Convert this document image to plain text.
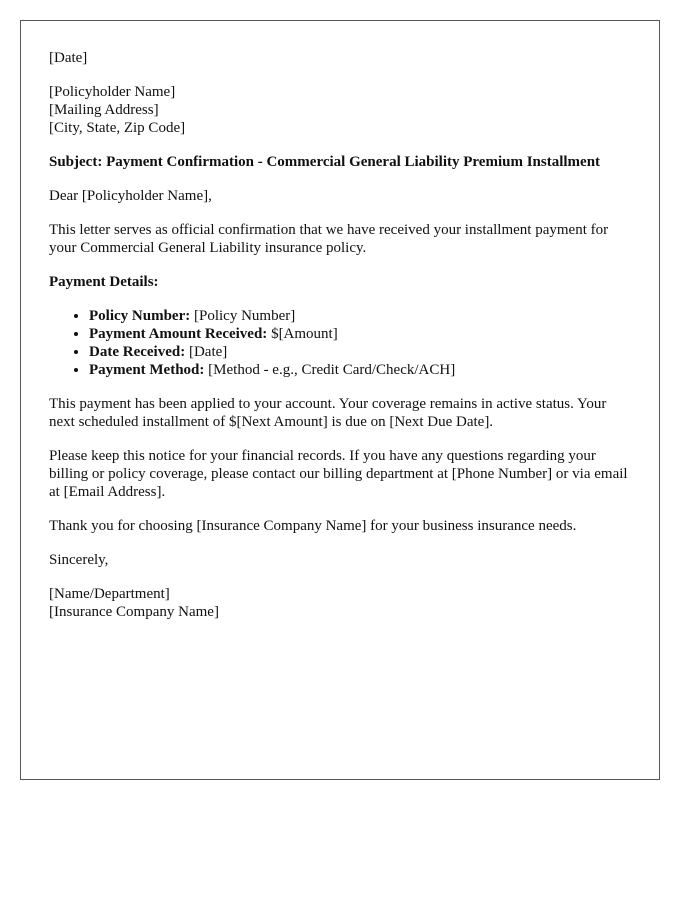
[Date]
[Policyholder Name]
[Mailing Address]
[City, State, Zip Code]
Subject: Payment Confirmation - Commercial General Liability Premium Installment

Dear [Policyholder Name],

This letter serves as official confirmation that we have received your installment payment for your Commercial General Liability insurance policy.

Payment Details:
• Policy Number: [Policy Number]
• Payment Amount Received: $[Amount]
• Date Received: [Date]
• Payment Method: [Method - e.g., Credit Card/Check/ACH]

This payment has been applied to your account. Your coverage remains in active status. Your next scheduled installment of $[Next Amount] is due on [Next Due Date].

Please keep this notice for your financial records. If you have any questions regarding your billing or policy coverage, please contact our billing department at [Phone Number] or via email at [Email Address].

Thank you for choosing [Insurance Company Name] for your business insurance needs.

Sincerely,

[Name/Department]
[Insurance Company Name]
